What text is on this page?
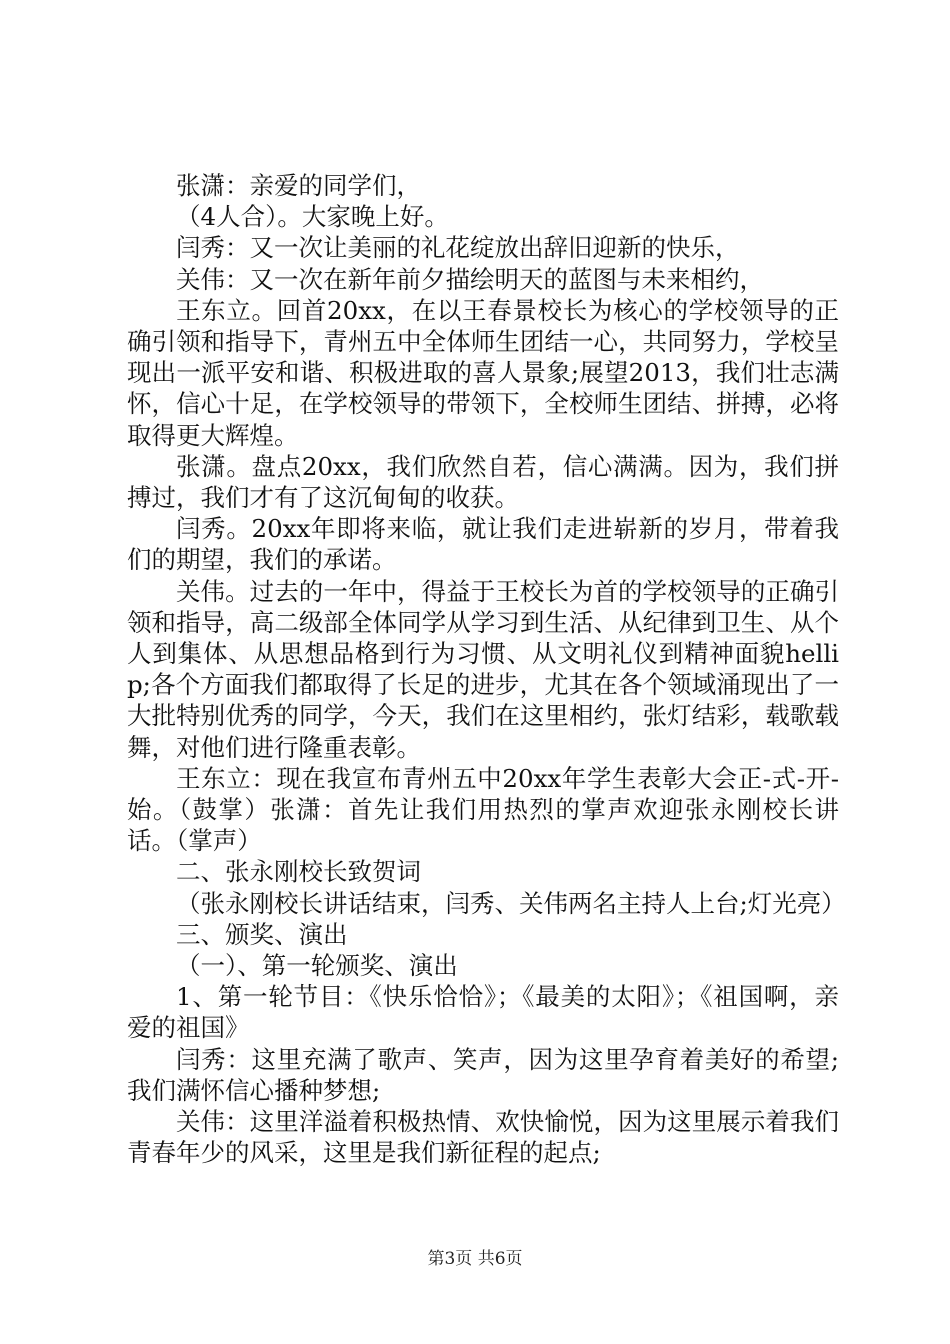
张潇：亲爱的同学们，

（4人合）。大家晚上好。

闫秀：又一次让美丽的礼花绽放出辞旧迎新的快乐，

关伟：又一次在新年前夕描绘明天的蓝图与未来相约，

王东立。回首20xx，在以王春景校长为核心的学校领导的正确引领和指导下，青州五中全体师生团结一心，共同努力，学校呈现出一派平安和谐、积极进取的喜人景象;展望2013，我们壮志满怀，信心十足，在学校领导的带领下，全校师生团结、拼搏，必将取得更大辉煌。

张潇。盘点20xx，我们欣然自若，信心满满。因为，我们拼搏过，我们才有了这沉甸甸的收获。

闫秀。20xx年即将来临，就让我们走进崭新的岁月，带着我们的期望，我们的承诺。

关伟。过去的一年中，得益于王校长为首的学校领导的正确引领和指导，高二级部全体同学从学习到生活、从纪律到卫生、从个人到集体、从思想品格到行为习惯、从文明礼仪到精神面貌hellip;各个方面我们都取得了长足的进步，尤其在各个领域涌现出了一大批特别优秀的同学，今天，我们在这里相约，张灯结彩，载歌载舞，对他们进行隆重表彰。

王东立：现在我宣布青州五中20xx年学生表彰大会正-式-开-始。（鼓掌）张潇：首先让我们用热烈的掌声欢迎张永刚校长讲话。（掌声）

二、张永刚校长致贺词

（张永刚校长讲话结束，闫秀、关伟两名主持人上台;灯光亮）

三、颁奖、演出

（一）、第一轮颁奖、演出

1、第一轮节目：《快乐恰恰》；《最美的太阳》；《祖国啊，亲爱的祖国》

闫秀：这里充满了歌声、笑声，因为这里孕育着美好的希望;我们满怀信心播种梦想;

关伟：这里洋溢着积极热情、欢快愉悦，因为这里展示着我们青春年少的风采，这里是我们新征程的起点;

第3页 共6页
